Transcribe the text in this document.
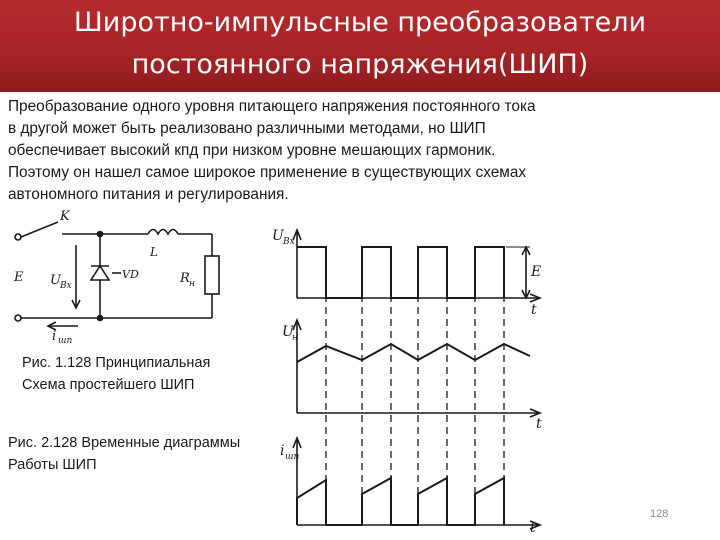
Широтно-импульсные преобразователи
постоянного напряжения(ШИП)
Преобразование одного уровня питающего напряжения постоянного тока
в другой может быть реализовано различными методами, но ШИП
обеспечивает высокий кпд при низком уровне мешающих гармоник.
Поэтому он нашел самое широкое применение в существующих схемах
автономного питания и регулирования.
K
L
E U Вх
VD	R н
i шп
U Вх
E
t
U
н
t
i шп
t
Рис. 1.128 Принципиальная
Схема простейшего ШИП
Рис. 2.128 Временные диаграммы
Работы ШИП
128
